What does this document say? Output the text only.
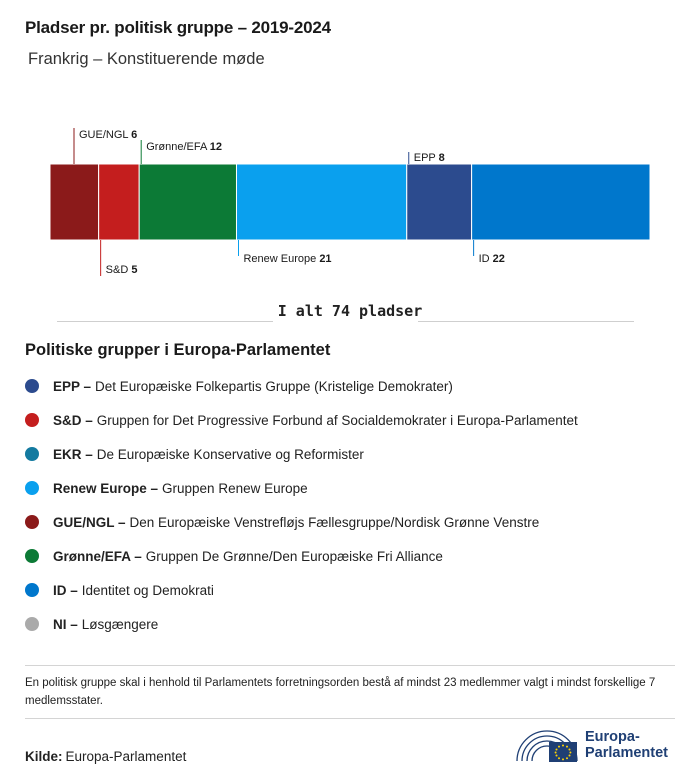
Pladser pr. politisk gruppe – 2019-2024
Frankrig – Konstituerende møde
GUE/NGL 6
S&D 5
Grønne/EFA 12
Renew Europe 21
EPP 8
ID 22
I alt 74 pladser
Politiske grupper i Europa-Parlamentet
EPP – Det Europæiske Folkepartis Gruppe (Kristelige Demokrater)
S&D – Gruppen for Det Progressive Forbund af Socialdemokrater i Europa-Parlamentet
EKR – De Europæiske Konservative og Reformister
Renew Europe – Gruppen Renew Europe
GUE/NGL – Den Europæiske Venstrefløjs Fællesgruppe/Nordisk Grønne Venstre
Grønne/EFA – Gruppen De Grønne/Den Europæiske Fri Alliance
ID – Identitet og Demokrati
NI – Løsgængere
En politisk gruppe skal i henhold til Parlamentets forretningsorden bestå af mindst 23 medlemmer valgt i mindst forskellige 7 medlemsstater.
Kilde: Europa-Parlamentet
Europa-
Parlamentet
